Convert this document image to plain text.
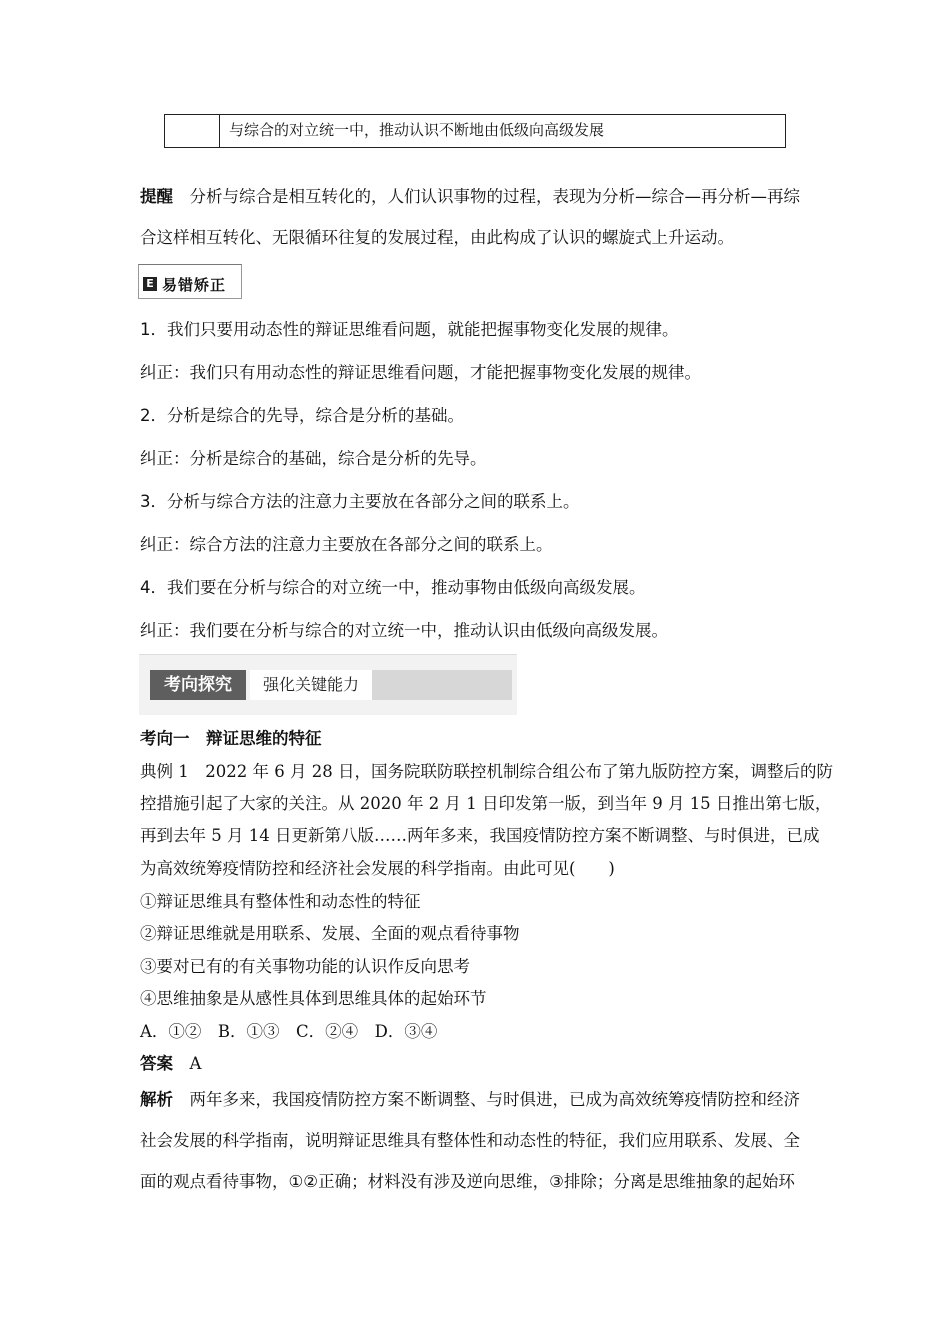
与综合的对立统一中，推动认识不断地由低级向高级发展
提醒　 分析与综合是相互转化的，人们认识事物的过程，表现为分析—综合—再分析—再综
合这样相互转化、无限循环往复的发展过程，由此构成了认识的螺旋式上升运动。
E 易错矫正
1．我们只要用动态性的辩证思维看问题，就能把握事物变化发展的规律。
纠正：我们只有用动态性的辩证思维看问题，才能把握事物变化发展的规律。
2．分析是综合的先导，综合是分析的基础。
纠正：分析是综合的基础，综合是分析的先导。
3．分析与综合方法的注意力主要放在各部分之间的联系上。
纠正：综合方法的注意力主要放在各部分之间的联系上。
4．我们要在分析与综合的对立统一中，推动事物由低级向高级发展。
纠正：我们要在分析与综合的对立统一中，推动认识由低级向高级发展。
考向探究	强化关键能力
考向一　 辩证思维的特征
典例 1　2022 年 6 月 28 日，国务院联防联控机制综合组公布了第九版防控方案，调整后的防
控措施引起了大家的关注。从 2020 年 2 月 1 日印发第一版，到当年 9 月 15 日推出第七版，
再到去年 5 月 14 日更新第八版……两年多来，我国疫情防控方案不断调整、与时俱进，已成
为高效统筹疫情防控和经济社会发展的科学指南。由此可见(　　)
①辩证思维具有整体性和动态性的特征
②辩证思维就是用联系、发展、全面的观点看待事物
③要对已有的有关事物功能的认识作反向思考
④思维抽象是从感性具体到思维具体的起始环节
A．①②　B．①③　C．②④　D．③④
答案　 A
解析　 两年多来，我国疫情防控方案不断调整、与时俱进，已成为高效统筹疫情防控和经济
社会发展的科学指南，说明辩证思维具有整体性和动态性的特征，我们应用联系、发展、全
面的观点看待事物，①②正确；材料没有涉及逆向思维，③排除；分离是思维抽象的起始环
